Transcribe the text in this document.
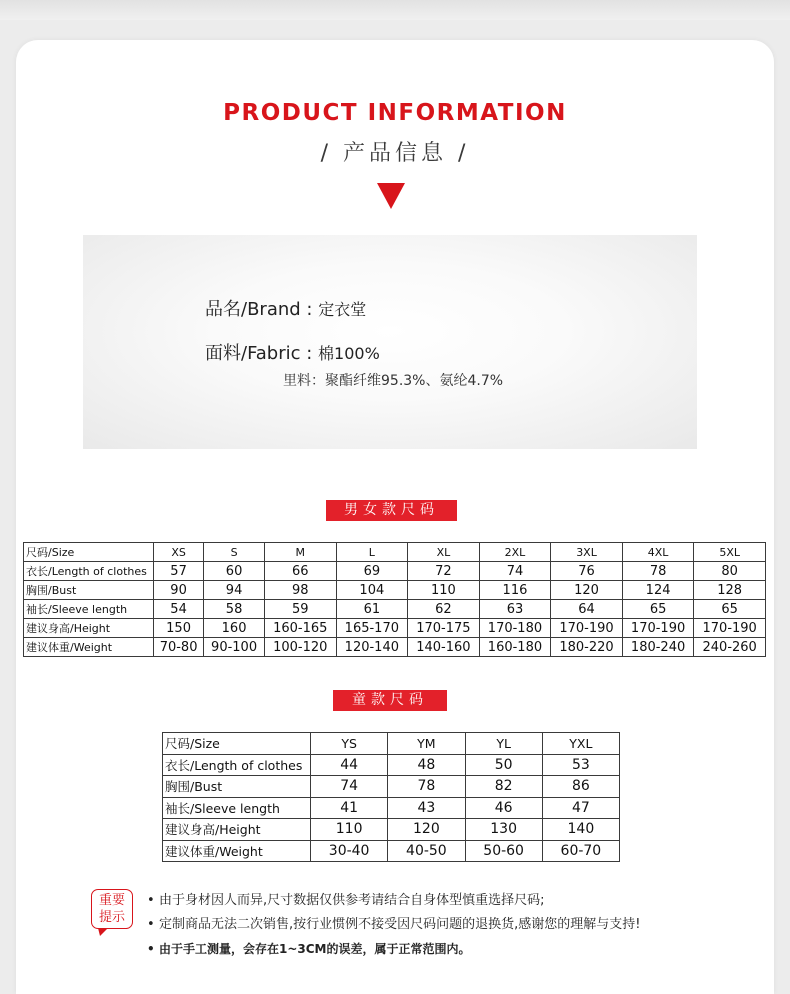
PRODUCT INFORMATION
/ 产品信息 /
品名/Brand : 定衣堂
面料/Fabric : 棉100%
里料：聚酯纤维95.3%、氨纶4.7%
男女款尺码
尺码/Size	XS	S	M	L	XL	2XL	3XL	4XL	5XL
衣长/Length of clothes	57	60	66	69	72	74	76	78	80
胸围/Bust	90	94	98	104	110	116	120	124	128
袖长/Sleeve length	54	58	59	61	62	63	64	65	65
建议身高/Height	150	160	160-165	165-170	170-175	170-180	170-190	170-190	170-190
建议体重/Weight	70-80	90-100	100-120	120-140	140-160	160-180	180-220	180-240	240-260
童款尺码
尺码/Size	YS	YM	YL	YXL
衣长/Length of clothes	44	48	50	53
胸围/Bust	74	78	82	86
袖长/Sleeve length	41	43	46	47
建议身高/Height	110	120	130	140
建议体重/Weight	30-40	40-50	50-60	60-70
重要
提示
• 由于身材因人而异,尺寸数据仅供参考请结合自身体型慎重选择尺码;
• 定制商品无法二次销售,按行业惯例不接受因尺码问题的退换货,感谢您的理解与支持!
• 由于手工测量，会存在1~3CM的误差，属于正常范围内。
